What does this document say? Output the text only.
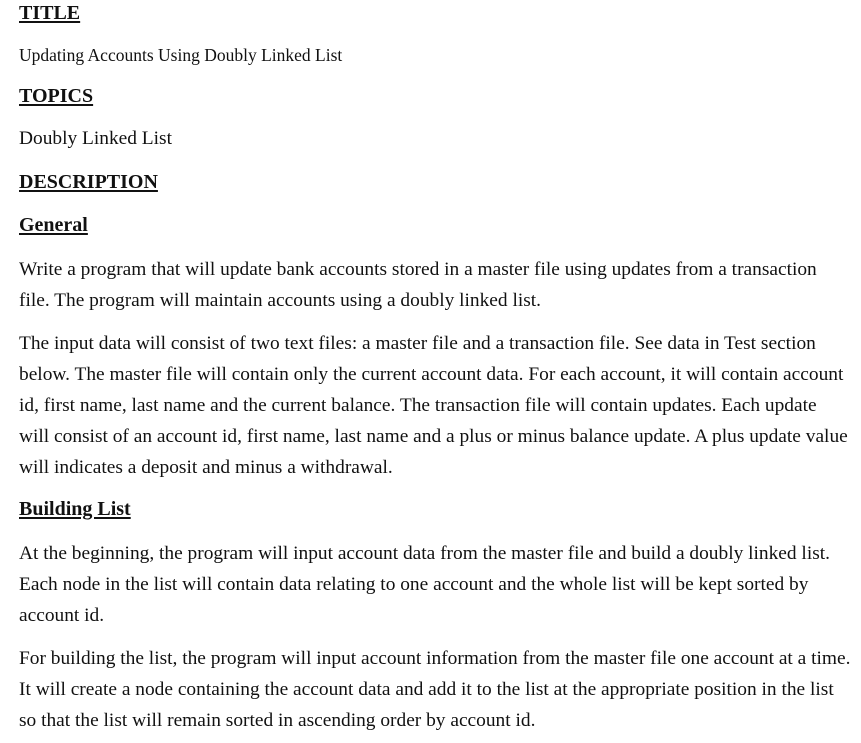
TITLE
Updating Accounts Using Doubly Linked List
TOPICS
Doubly Linked List
DESCRIPTION
General
Write a program that will update bank accounts stored in a master file using updates from a transaction file. The program will maintain accounts using a doubly linked list.
The input data will consist of two text files: a master file and a transaction file. See data in Test section below. The master file will contain only the current account data. For each account, it will contain account id, first name, last name and the current balance. The transaction file will contain updates. Each update will consist of an account id, first name, last name and a plus or minus balance update. A plus update value will indicates a deposit and minus a withdrawal.
Building List
At the beginning, the program will input account data from the master file and build a doubly linked list. Each node in the list will contain data relating to one account and the whole list will be kept sorted by account id.
For building the list, the program will input account information from the master file one account at a time. It will create a node containing the account data and add it to the list at the appropriate position in the list so that the list will remain sorted in ascending order by account id.
